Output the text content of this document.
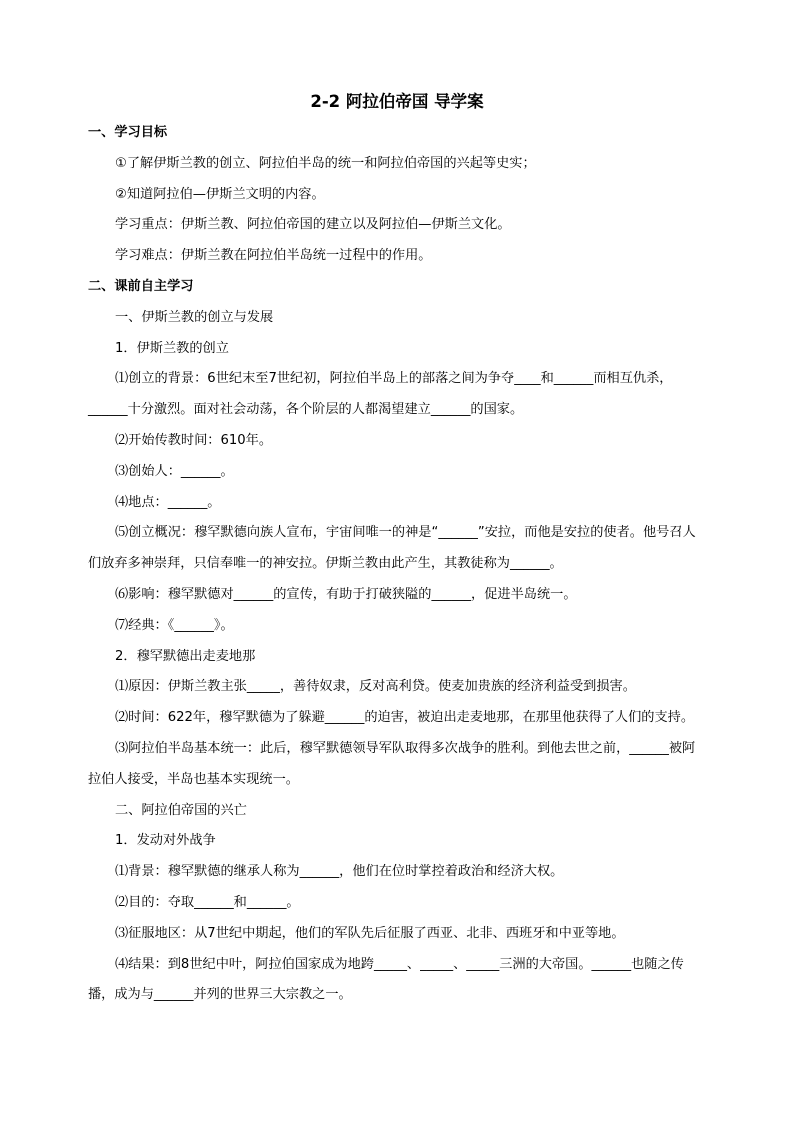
2-2 阿拉伯帝国 导学案

一、学习目标

①了解伊斯兰教的创立、阿拉伯半岛的统一和阿拉伯帝国的兴起等史实；

②知道阿拉伯—伊斯兰文明的内容。

学习重点：伊斯兰教、阿拉伯帝国的建立以及阿拉伯—伊斯兰文化。

学习难点：伊斯兰教在阿拉伯半岛统一过程中的作用。

二、课前自主学习

一、伊斯兰教的创立与发展

1．伊斯兰教的创立

⑴创立的背景：6世纪末至7世纪初，阿拉伯半岛上的部落之间为争夺____和______而相互仇杀，______十分激烈。面对社会动荡，各个阶层的人都渴望建立______的国家。

⑵开始传教时间：610年。

⑶创始人：______。

⑷地点：______。

⑸创立概况：穆罕默德向族人宣布，宇宙间唯一的神是“______”安拉，而他是安拉的使者。他号召人们放弃多神崇拜，只信奉唯一的神安拉。伊斯兰教由此产生，其教徒称为______。

⑹影响：穆罕默德对______的宣传，有助于打破狭隘的______，促进半岛统一。

⑺经典：《______》。

2．穆罕默德出走麦地那

⑴原因：伊斯兰教主张_____，善待奴隶，反对高利贷。使麦加贵族的经济利益受到损害。

⑵时间：622年，穆罕默德为了躲避______的迫害，被迫出走麦地那，在那里他获得了人们的支持。

⑶阿拉伯半岛基本统一：此后，穆罕默德领导军队取得多次战争的胜利。到他去世之前，______被阿拉伯人接受，半岛也基本实现统一。

二、阿拉伯帝国的兴亡

1．发动对外战争

⑴背景：穆罕默德的继承人称为______，他们在位时掌控着政治和经济大权。

⑵目的：夺取______和______。

⑶征服地区：从7世纪中期起，他们的军队先后征服了西亚、北非、西班牙和中亚等地。

⑷结果：到8世纪中叶，阿拉伯国家成为地跨_____、_____、_____三洲的大帝国。______也随之传播，成为与______并列的世界三大宗教之一。
